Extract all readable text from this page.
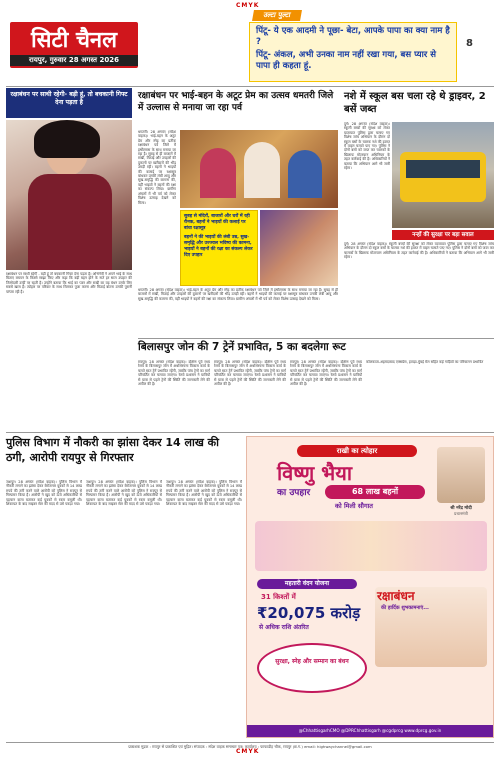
CMYK
सिटी चैनल
रायपुर, गुरुवार 28 अगस्त 2026
उल्टा पुल्टा

पिंटू- ये एक आदमी ने पूछा- बेटा, आपके पापा का क्या नाम है ?

पिंटू- अंकल, अभी उनका नाम नहीं रखा गया, बस प्यार से पापा ही कहता हूं.

8
रक्षाबंधन पर साथी रहेगी- बड़ी हूं, तो बचकानी गिफ्ट देना पड़ता है
रक्षाबंधन पर साथी रहेगी - बड़ी हूं तो बचकानी गिफ्ट देना पड़ता है। अभिनेत्री ने अपने भाई के साथ बिताए बचपन के किस्से साझा किए और कहा कि बड़ी बहन होने के नाते हर साल उपहार की जिम्मेदारी उन्हीं पर रहती है। उन्होंने बताया कि भाई का प्यार और राखी का यह बंधन उनके लिए सबसे खास है। त्योहार पर परिवार के साथ मिलकर पूजा करना और मिठाई बांटना उनकी पुरानी परंपरा रही है।
रक्षाबंधन पर भाई-बहन के अटूट प्रेम का उत्सव धमतरी जिले में उल्लास से मनाया जा रहा पर्व
धमतरी। 28 अगस्त (संदेश वाहक)। भाई-बहन के अटूट प्रेम और स्नेह का प्रतीक रक्षाबंधन पर्व जिले में हर्षोल्लास के साथ मनाया जा रहा है। सुबह से ही बाजारों में राखी, मिठाई और उपहारों की दुकानों पर खरीदारों की भीड़ उमड़ी रही। बहनों ने भाइयों की कलाई पर रक्षासूत्र बांधकर उनकी लंबी आयु और सुख-समृद्धि की कामना की, वहीं भाइयों ने बहनों की रक्षा का संकल्प लिया। ग्रामीण अंचलों में भी पर्व को लेकर विशेष उत्साह देखने को मिला।
सुबह से मंदिरों, बाजारों और घरों में रही रौनक, बहनों ने भाइयों की कलाई पर बांधा रक्षासूत्र
बहनों ने की भाइयों की लंबी उम्र, सुख-समृद्धि और उज्ज्वल भविष्य की कामना, भाइयों ने बहनों की रक्षा का संकल्प लेकर दिए उपहार
धमतरी। 28 अगस्त (संदेश वाहक)। भाई-बहन के अटूट प्रेम और स्नेह का प्रतीक रक्षाबंधन पर्व जिले में हर्षोल्लास के साथ मनाया जा रहा है। सुबह से ही बाजारों में राखी, मिठाई और उपहारों की दुकानों पर खरीदारों की भीड़ उमड़ी रही। बहनों ने भाइयों की कलाई पर रक्षासूत्र बांधकर उनकी लंबी आयु और सुख-समृद्धि की कामना की, वहीं भाइयों ने बहनों की रक्षा का संकल्प लिया। ग्रामीण अंचलों में भी पर्व को लेकर विशेष उत्साह देखने को मिला।
नशे में स्कूल बस चला रहे थे ड्राइवर, 2 बसें जब्त
दुर्ग। 28 अगस्त (संदेश वाहक)। स्कूली बच्चों की सुरक्षा को लेकर यातायात पुलिस द्वारा चलाए गए विशेष जांच अभियान के दौरान दो स्कूल बसों के चालक नशे की हालत में वाहन चलाते पाए गए। पुलिस ने दोनों बसों को जब्त कर चालकों के खिलाफ मोटरयान अधिनियम के तहत कार्रवाई की है। अधिकारियों ने बताया कि अभियान आगे भी जारी रहेगा।
नन्हों की सुरक्षा पर बड़ा सवाल
दुर्ग। 28 अगस्त (संदेश वाहक)। स्कूली बच्चों की सुरक्षा को लेकर यातायात पुलिस द्वारा चलाए गए विशेष जांच अभियान के दौरान दो स्कूल बसों के चालक नशे की हालत में वाहन चलाते पाए गए। पुलिस ने दोनों बसों को जब्त कर चालकों के खिलाफ मोटरयान अधिनियम के तहत कार्रवाई की है। अधिकारियों ने बताया कि अभियान आगे भी जारी रहेगा।
बिलासपुर जोन की 7 ट्रेनें प्रभावित, 5 का बदलेगा रूट
रायपुर। 28 अगस्त (संदेश वाहक)। दक्षिण पूर्व मध्य रेलवे के बिलासपुर जोन में अधोसंरचना विकास कार्य के चलते सात ट्रेनें प्रभावित रहेंगी, जबकि पांच ट्रेनों का मार्ग परिवर्तित कर चलाया जाएगा। रेलवे प्रशासन ने यात्रियों से यात्रा से पहले ट्रेनों की स्थिति की जानकारी लेने की अपील की है।
रायपुर। 28 अगस्त (संदेश वाहक)। दक्षिण पूर्व मध्य रेलवे के बिलासपुर जोन में अधोसंरचना विकास कार्य के चलते सात ट्रेनें प्रभावित रहेंगी, जबकि पांच ट्रेनों का मार्ग परिवर्तित कर चलाया जाएगा। रेलवे प्रशासन ने यात्रियों से यात्रा से पहले ट्रेनों की स्थिति की जानकारी लेने की अपील की है।
रायपुर। 28 अगस्त (संदेश वाहक)। दक्षिण पूर्व मध्य रेलवे के बिलासपुर जोन में अधोसंरचना विकास कार्य के चलते सात ट्रेनें प्रभावित रहेंगी, जबकि पांच ट्रेनों का मार्ग परिवर्तित कर चलाया जाएगा। रेलवे प्रशासन ने यात्रियों से यात्रा से पहले ट्रेनों की स्थिति की जानकारी लेने की अपील की है।
कोलकाता-अहमदाबाद एक्सप्रेस, हावड़ा-मुंबई मेल सहित कई गाड़ियों का परिचालन प्रभावित
पुलिस विभाग में नौकरी का झांसा देकर 14 लाख की ठगी, आरोपी रायपुर से गिरफ्तार
जशपुर। 28 अगस्त (संदेश वाहक)। पुलिस विभाग में नौकरी लगाने का झांसा देकर बेरोजगार युवकों से 14 लाख रुपये की ठगी करने वाले आरोपी को पुलिस ने रायपुर से गिरफ्तार किया है। आरोपी ने खुद को ऊंचे अधिकारियों से पहचान वाला बताकर कई युवकों से रकम वसूली थी। शिकायत के बाद साइबर सेल की मदद से उसे पकड़ा गया।
जशपुर। 28 अगस्त (संदेश वाहक)। पुलिस विभाग में नौकरी लगाने का झांसा देकर बेरोजगार युवकों से 14 लाख रुपये की ठगी करने वाले आरोपी को पुलिस ने रायपुर से गिरफ्तार किया है। आरोपी ने खुद को ऊंचे अधिकारियों से पहचान वाला बताकर कई युवकों से रकम वसूली थी। शिकायत के बाद साइबर सेल की मदद से उसे पकड़ा गया।
जशपुर। 28 अगस्त (संदेश वाहक)। पुलिस विभाग में नौकरी लगाने का झांसा देकर बेरोजगार युवकों से 14 लाख रुपये की ठगी करने वाले आरोपी को पुलिस ने रायपुर से गिरफ्तार किया है। आरोपी ने खुद को ऊंचे अधिकारियों से पहचान वाला बताकर कई युवकों से रकम वसूली थी। शिकायत के बाद साइबर सेल की मदद से उसे पकड़ा गया।
राखी का त्योहार
विष्णु भैया
का उपहार	68 लाख बहनों
को मिली सौगात	श्री नरेंद्र मोदी
प्रधानमंत्री
महतारी वंदन योजना
31 किश्तों में
₹20,075 करोड़
से अधिक राशि अंतरित
रक्षाबंधन
की हार्दिक शुभकामनाएं...
सुरक्षा, स्नेह और सम्मान का बंधन
@ChhattisgarhCMO @DPRChhattisgarh @cgdprcg www.dprcg.gov.in
प्रकाशक मुद्रक : रायपुर से प्रकाशित एवं मुद्रित। संपादक : संदेश वाहक समाचार पत्र। कार्यालय : फाफाडीह चौक, रायपुर (छ.ग.) email: highwaychannel@gmail.com
CMYK
